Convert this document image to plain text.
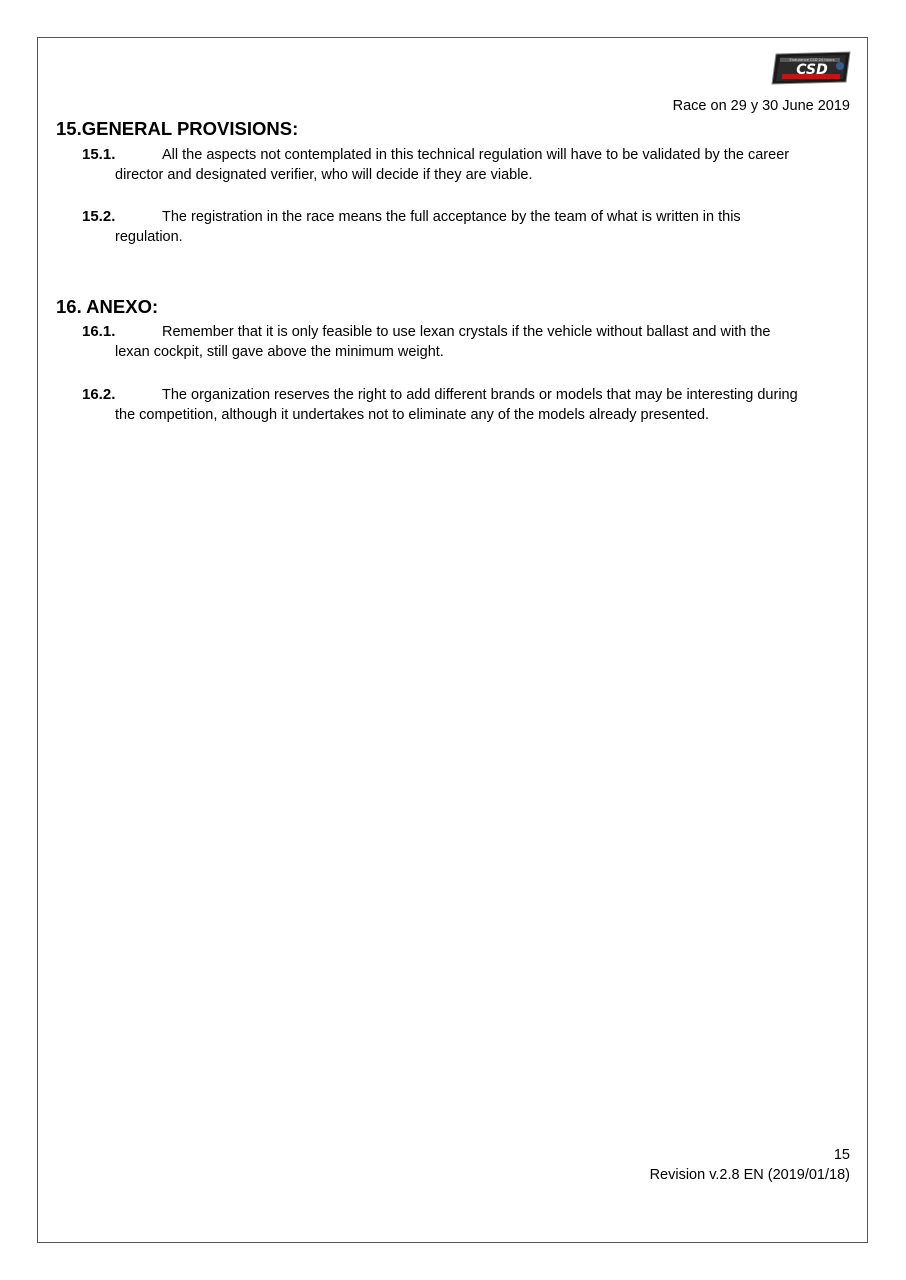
CSD
Endurance CSD 24 hours
Race on 29 y 30 June 2019
15.GENERAL PROVISIONS:
15.1.	All the aspects not contemplated in this technical regulation will have to be validated by the career
director and designated verifier, who will decide if they are viable.
15.2.	The registration in the race means the full acceptance by the team of what is written in this
regulation.
16. ANEXO:
16.1.	Remember that it is only feasible to use lexan crystals if the vehicle without ballast and with the
lexan cockpit, still gave above the minimum weight.
16.2.	The organization reserves the right to add different brands or models that may be interesting during
the competition, although it undertakes not to eliminate any of the models already presented.
15
Revision v.2.8 EN (2019/01/18)
